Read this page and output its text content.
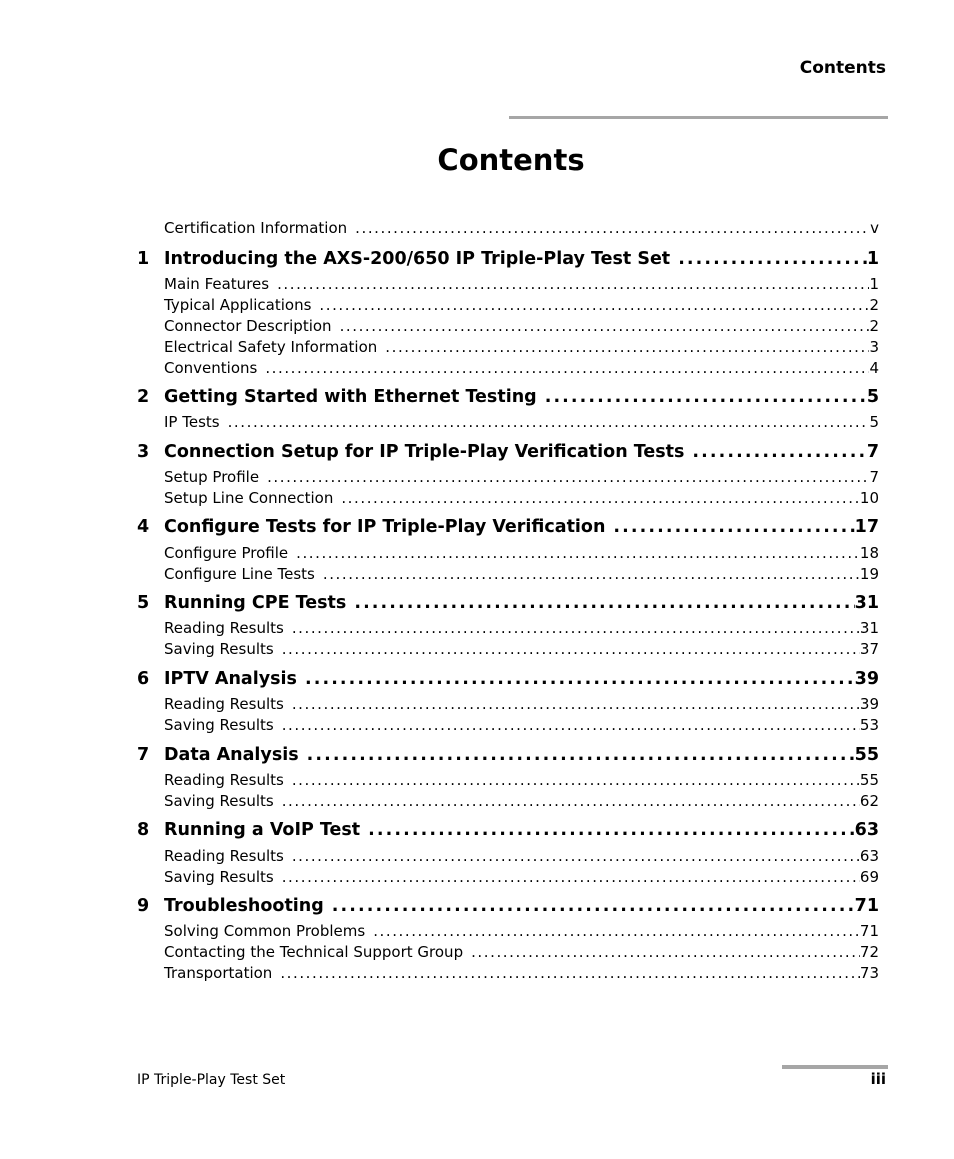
Contents
Contents
Certification Information . . .	v
1 Introducing the AXS-200/650 IP Triple-Play Test Set . . .	1
Main Features . . .	1
Typical Applications . . .	2
Connector Description . . .	2
Electrical Safety Information . . .	3
Conventions . . .	4
2 Getting Started with Ethernet Testing . . .	5
IP Tests . . .	5
3 Connection Setup for IP Triple-Play Verification Tests . . .	7
Setup Profile . . .	7
Setup Line Connection . . .	10
4 Configure Tests for IP Triple-Play Verification . . .	17
Configure Profile . . .	18
Configure Line Tests . . .	19
5 Running CPE Tests . . .	31
Reading Results . . .	31
Saving Results . . .	37
6 IPTV Analysis . . .	39
Reading Results . . .	39
Saving Results . . .	53
7 Data Analysis . . .	55
Reading Results . . .	55
Saving Results . . .	62
8 Running a VoIP Test . . .	63
Reading Results . . .	63
Saving Results . . .	69
9 Troubleshooting . . .	71
Solving Common Problems . . .	71
Contacting the Technical Support Group . . .	72
Transportation . . .	73
IP Triple-Play Test Set	iii
